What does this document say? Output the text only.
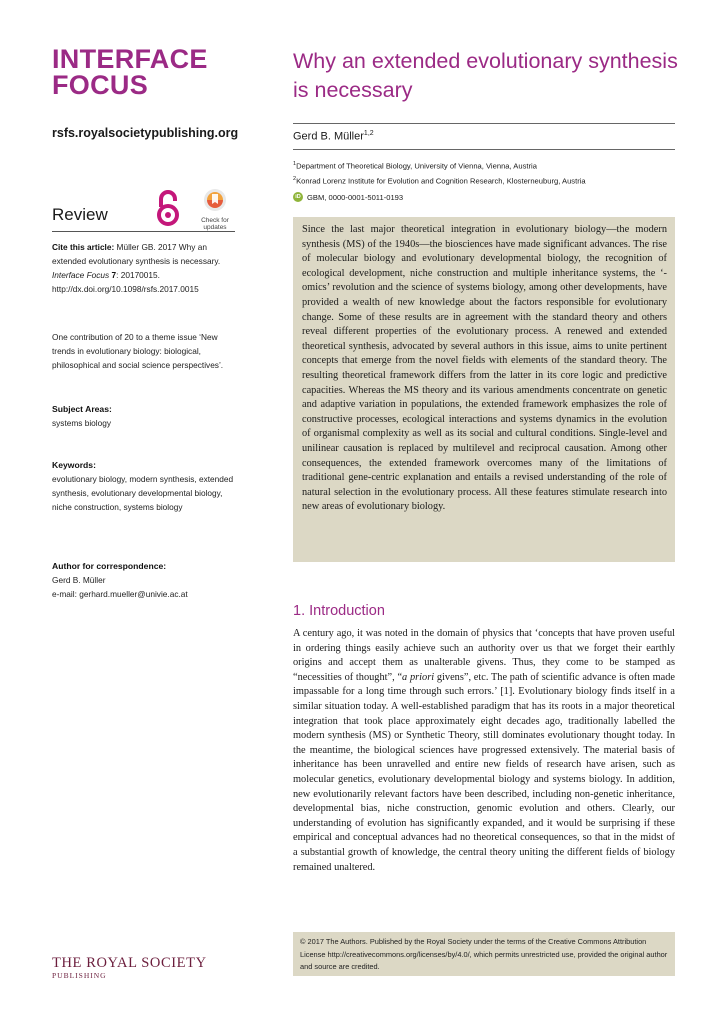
INTERFACE
FOCUS
rsfs.royalsocietypublishing.org
Review	Check for
updates
Cite this article: Müller GB. 2017 Why an extended evolutionary synthesis is necessary. Interface Focus 7: 20170015.
http://dx.doi.org/10.1098/rsfs.2017.0015
One contribution of 20 to a theme issue ‘New trends in evolutionary biology: biological, philosophical and social science perspectives’.
Subject Areas:
systems biology
Keywords:
evolutionary biology, modern synthesis, extended synthesis, evolutionary developmental biology, niche construction, systems biology
Author for correspondence:
Gerd B. Müller
e-mail: gerhard.mueller@univie.ac.at
THE ROYAL SOCIETY
PUBLISHING
Why an extended evolutionary synthesis is necessary
Gerd B. Müller$^{1,2}$
$^1$Department of Theoretical Biology, University of Vienna, Vienna, Austria
$^2$Konrad Lorenz Institute for Evolution and Cognition Research, Klosterneuburg, Austria
iD GBM, 0000-0001-5011-0193

Since the last major theoretical integration in evolutionary biology—the modern synthesis (MS) of the 1940s—the biosciences have made significant advances. The rise of molecular biology and evolutionary developmental biology, the recognition of ecological development, niche construction and multiple inheritance systems, the ‘-omics’ revolution and the science of systems biology, among other developments, have provided a wealth of new knowledge about the factors responsible for evolutionary change. Some of these results are in agreement with the standard theory and others reveal different properties of the evolutionary process. A renewed and extended theoretical synthesis, advocated by several authors in this issue, aims to unite pertinent concepts that emerge from the novel fields with elements of the standard theory. The resulting theoretical framework differs from the latter in its core logic and predictive capacities. Whereas the MS theory and its various amendments concentrate on genetic and adaptive variation in populations, the extended framework emphasizes the role of constructive processes, ecological interactions and systems dynamics in the evolution of organismal complexity as well as its social and cultural conditions. Single-level and unilinear causation is replaced by multilevel and reciprocal causation. Among other consequences, the extended framework overcomes many of the limitations of traditional gene-centric explanation and entails a revised understanding of the role of natural selection in the evolutionary process. All these features stimulate research into new areas of evolutionary biology.

1. Introduction

A century ago, it was noted in the domain of physics that ‘concepts that have proven useful in ordering things easily achieve such an authority over us that we forget their earthly origins and accept them as unalterable givens. Thus, they come to be stamped as “necessities of thought”, “a priori givens”, etc. The path of scientific advance is often made impassable for a long time through such errors.’ [1]. Evolutionary biology finds itself in a similar situation today. A well-established paradigm that has its roots in a major theoretical integration that took place approximately eight decades ago, traditionally labelled the modern synthesis (MS) or Synthetic Theory, still dominates evolutionary thought today. In the meantime, the biological sciences have progressed extensively. The material basis of inheritance has been unravelled and entire new fields of research have arisen, such as molecular genetics, evolutionary developmental biology and systems biology. In addition, new evolutionarily relevant factors have been described, including non-genetic inheritance, developmental bias, niche construction, genomic evolution and others. Clearly, our understanding of evolution has significantly expanded, and it would be surprising if these empirical and conceptual advances had no theoretical consequences, so that in the midst of a substantial growth of knowledge, the central theory uniting the different fields of biology remained unaltered.

© 2017 The Authors. Published by the Royal Society under the terms of the Creative Commons Attribution License http://creativecommons.org/licenses/by/4.0/, which permits unrestricted use, provided the original author and source are credited.
